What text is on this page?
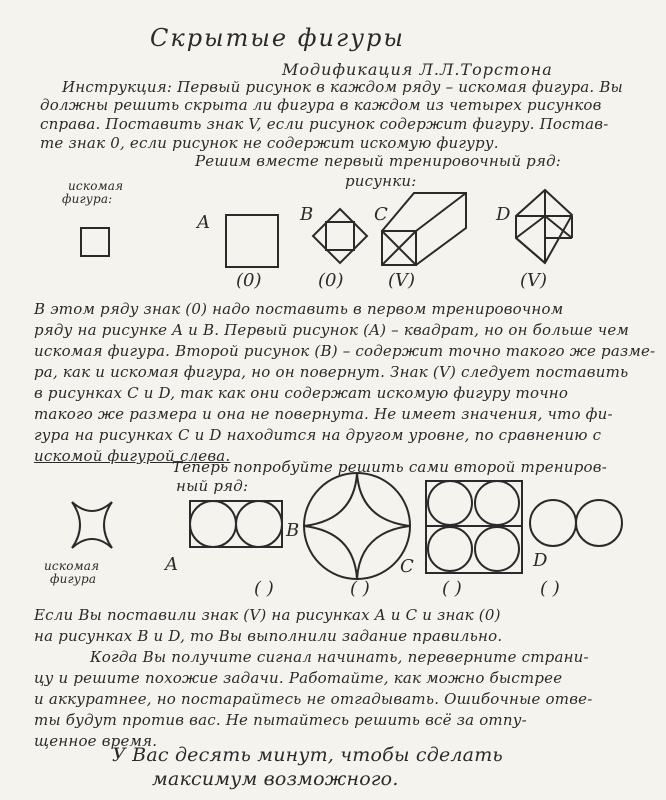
Скрытые фигуры
Модификация Л.Л.Торстона
Инструкция: Первый рисунок в каждом ряду – искомая фигура. Вы
должны решить скрыта ли фигура в каждом из четырех рисунков
справа. Поставить знак V, если рисунок содержит фигуру. Постав-
те знак 0, если рисунок не содержит искомую фигуру.
Решим вместе первый тренировочный ряд:
рисунки:
искомая
фигура:
A	B	C	D
(0)	(0) (V)	(V)
В этом ряду знак (0) надо поставить в первом тренировочном
ряду на рисунке A и B. Первый рисунок (A) – квадрат, но он больше чем
искомая фигура. Второй рисунок (B) – содержит точно такого же разме-
ра, как и искомая фигура, но он повернут. Знак (V) следует поставить
в рисунках C и D, так как они содержат искомую фигуру точно
такого же размера и она не повернута. Не имеет значения, что фи-
гура на рисунках C и D находится на другом уровне, по сравнению с
искомой фигурой слева.
Теперь попробуйте решить сами второй трениров-
ный ряд:
искомая
фигура
A
B
C	D
( )	( )	( )	( )
Если Вы поставили знак (V) на рисунках A и C и знак (0)
на рисунках B и D, то Вы выполнили задание правильно.
Когда Вы получите сигнал начинать, переверните страни-
цу и решите похожие задачи. Работайте, как можно быстрее
и аккуратнее, но постарайтесь не отгадывать. Ошибочные отве-
ты будут против вас. Не пытайтесь решить всё за отпу-
щенное время.
У Вас десять минут, чтобы сделать
максимум возможного.
